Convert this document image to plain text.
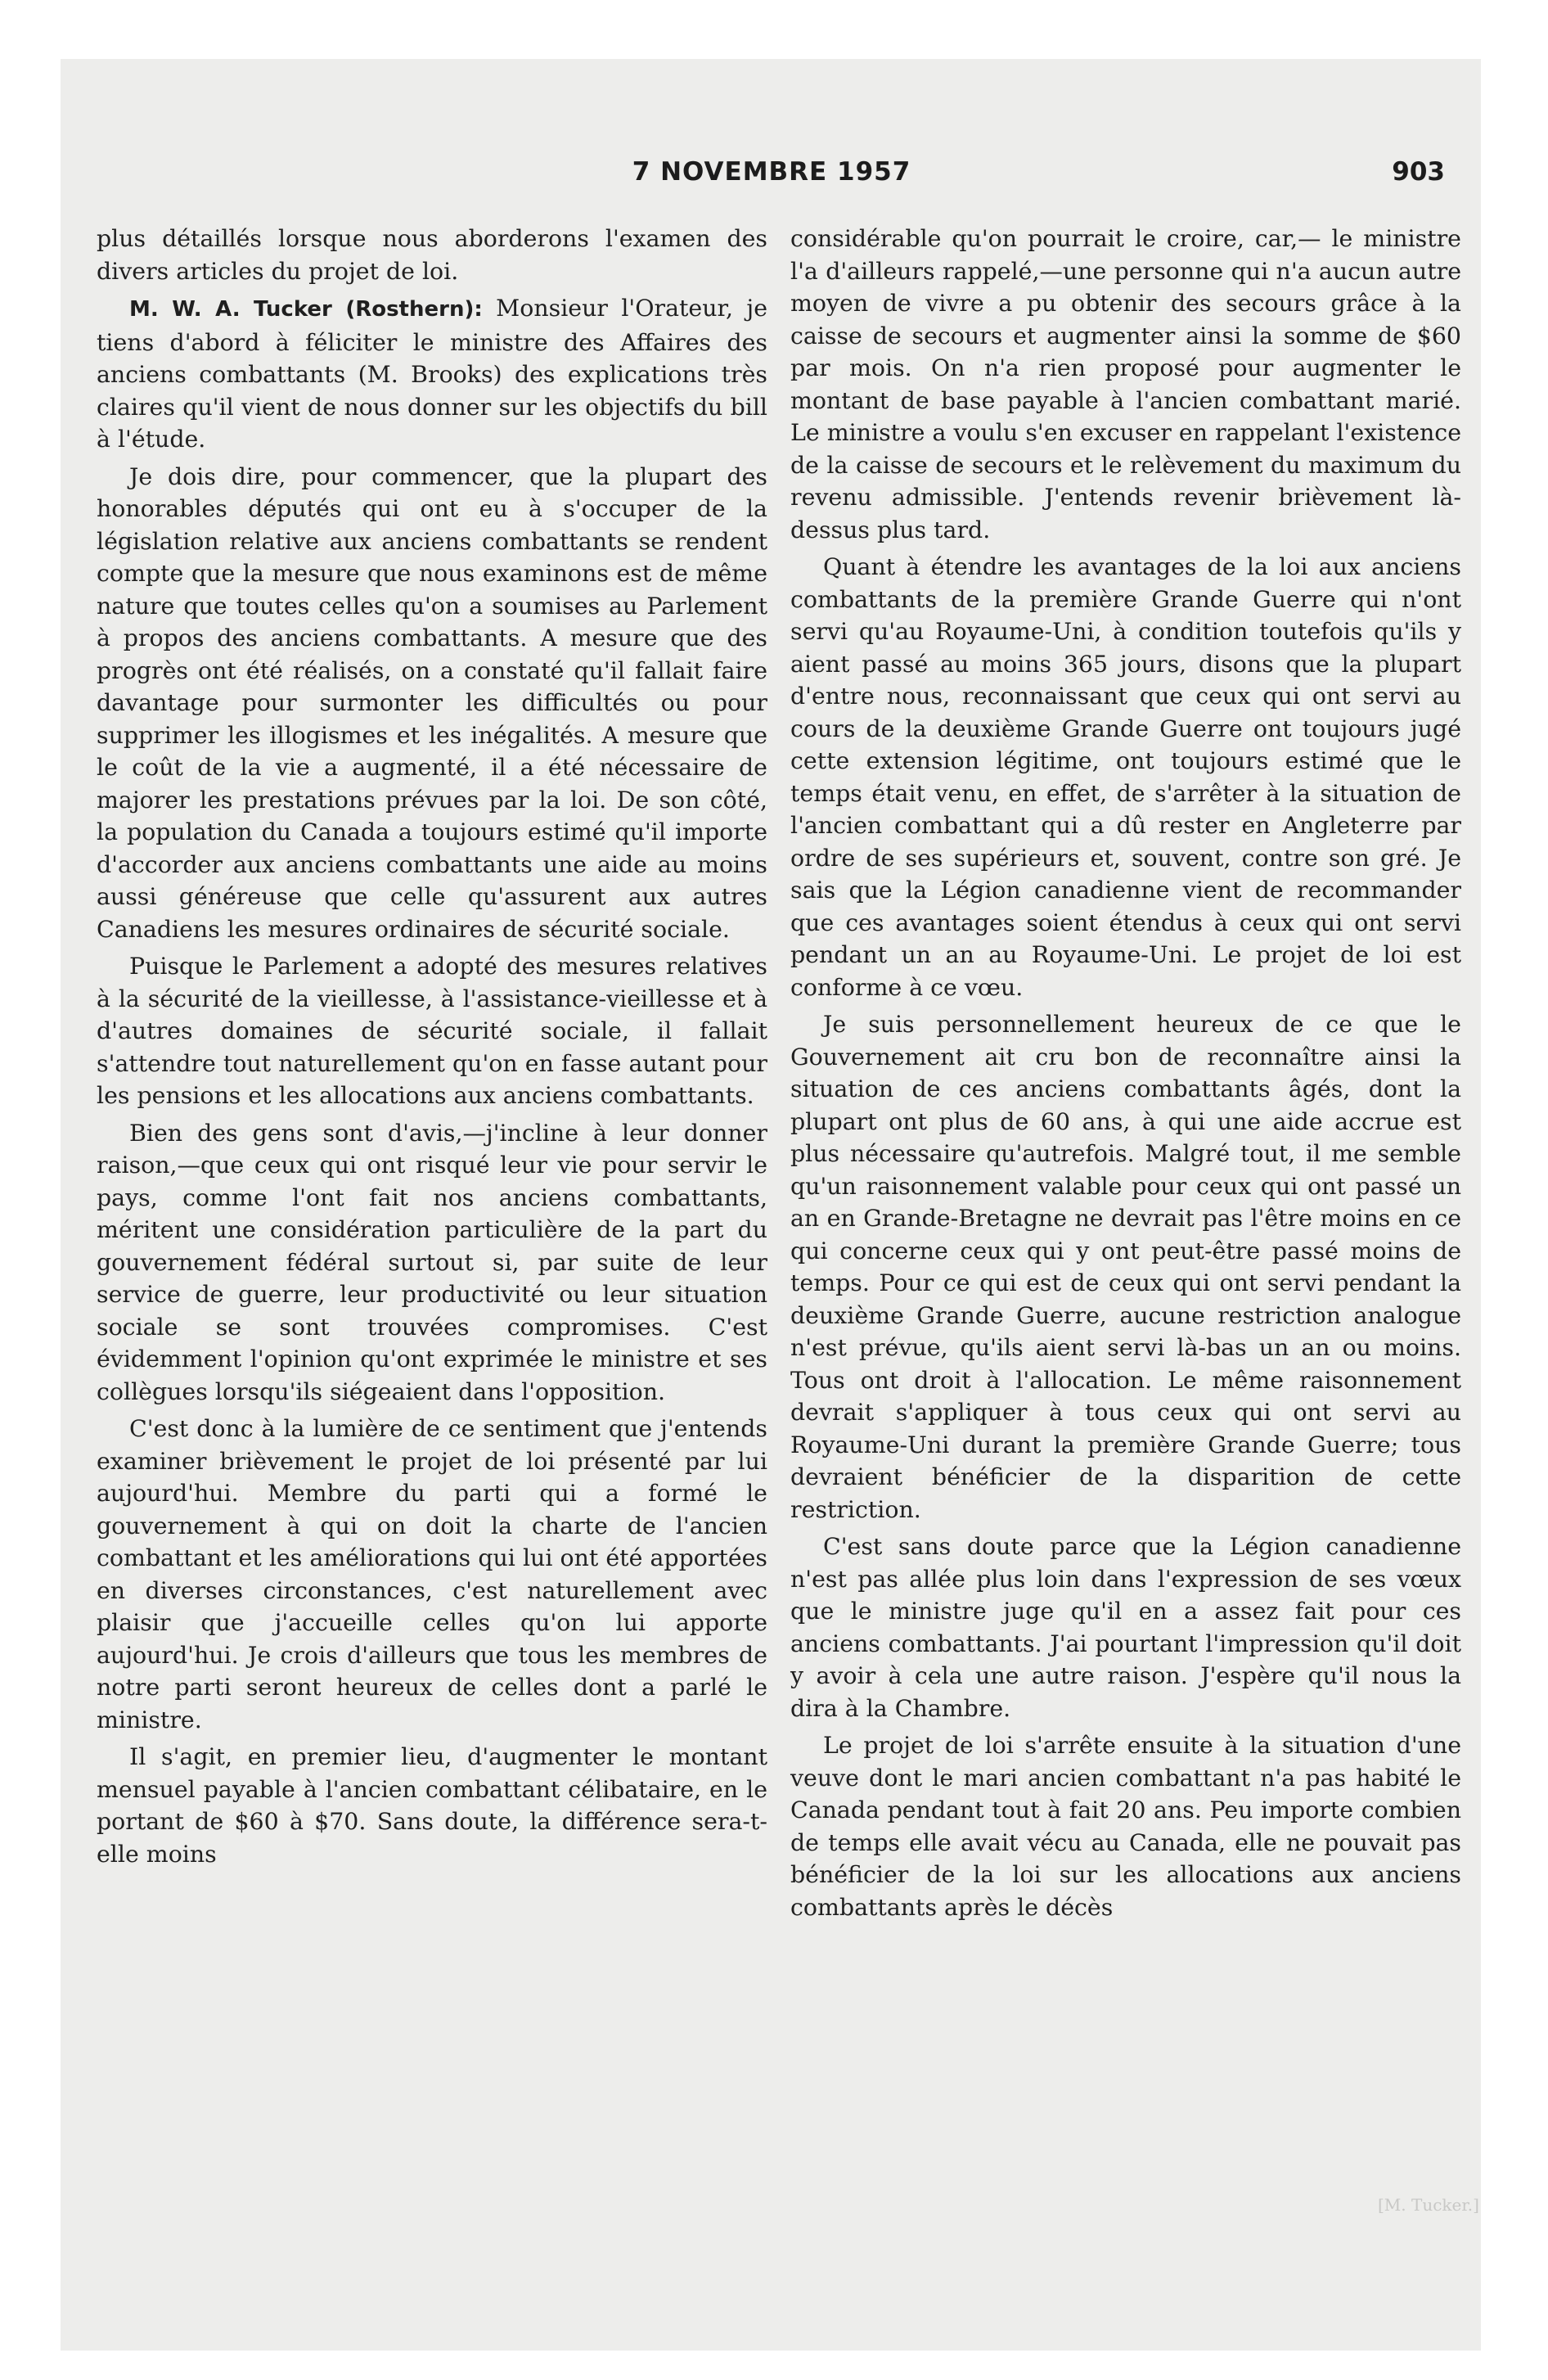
7 NOVEMBRE 1957	903

plus détaillés lorsque nous aborderons l'examen des divers articles du projet de loi.

M. W. A. Tucker (Rosthern): Monsieur l'Orateur, je tiens d'abord à féliciter le ministre des Affaires des anciens combattants (M. Brooks) des explications très claires qu'il vient de nous donner sur les objectifs du bill à l'étude.

Je dois dire, pour commencer, que la plupart des honorables députés qui ont eu à s'occuper de la législation relative aux anciens combattants se rendent compte que la mesure que nous examinons est de même nature que toutes celles qu'on a soumises au Parlement à propos des anciens combattants. A mesure que des progrès ont été réalisés, on a constaté qu'il fallait faire davantage pour surmonter les difficultés ou pour supprimer les illogismes et les inégalités. A mesure que le coût de la vie a augmenté, il a été nécessaire de majorer les prestations prévues par la loi. De son côté, la population du Canada a toujours estimé qu'il importe d'accorder aux anciens combattants une aide au moins aussi généreuse que celle qu'assurent aux autres Canadiens les mesures ordinaires de sécurité sociale.

Puisque le Parlement a adopté des mesures relatives à la sécurité de la vieillesse, à l'assistance-vieillesse et à d'autres domaines de sécurité sociale, il fallait s'attendre tout naturellement qu'on en fasse autant pour les pensions et les allocations aux anciens combattants.

Bien des gens sont d'avis,—j'incline à leur donner raison,—que ceux qui ont risqué leur vie pour servir le pays, comme l'ont fait nos anciens combattants, méritent une considération particulière de la part du gouvernement fédéral surtout si, par suite de leur service de guerre, leur productivité ou leur situation sociale se sont trouvées compromises. C'est évidemment l'opinion qu'ont exprimée le ministre et ses collègues lorsqu'ils siégeaient dans l'opposition.

C'est donc à la lumière de ce sentiment que j'entends examiner brièvement le projet de loi présenté par lui aujourd'hui. Membre du parti qui a formé le gouvernement à qui on doit la charte de l'ancien combattant et les améliorations qui lui ont été apportées en diverses circonstances, c'est naturellement avec plaisir que j'accueille celles qu'on lui apporte aujourd'hui. Je crois d'ailleurs que tous les membres de notre parti seront heureux de celles dont a parlé le ministre.

Il s'agit, en premier lieu, d'augmenter le montant mensuel payable à l'ancien combattant célibataire, en le portant de $60 à $70. Sans doute, la différence sera-t-elle moins

considérable qu'on pourrait le croire, car,— le ministre l'a d'ailleurs rappelé,—une personne qui n'a aucun autre moyen de vivre a pu obtenir des secours grâce à la caisse de secours et augmenter ainsi la somme de $60 par mois. On n'a rien proposé pour augmenter le montant de base payable à l'ancien combattant marié. Le ministre a voulu s'en excuser en rappelant l'existence de la caisse de secours et le relèvement du maximum du revenu admissible. J'entends revenir brièvement là-dessus plus tard.

Quant à étendre les avantages de la loi aux anciens combattants de la première Grande Guerre qui n'ont servi qu'au Royaume-Uni, à condition toutefois qu'ils y aient passé au moins 365 jours, disons que la plupart d'entre nous, reconnaissant que ceux qui ont servi au cours de la deuxième Grande Guerre ont toujours jugé cette extension légitime, ont toujours estimé que le temps était venu, en effet, de s'arrêter à la situation de l'ancien combattant qui a dû rester en Angleterre par ordre de ses supérieurs et, souvent, contre son gré. Je sais que la Légion canadienne vient de recommander que ces avantages soient étendus à ceux qui ont servi pendant un an au Royaume-Uni. Le projet de loi est conforme à ce vœu.

Je suis personnellement heureux de ce que le Gouvernement ait cru bon de reconnaître ainsi la situation de ces anciens combattants âgés, dont la plupart ont plus de 60 ans, à qui une aide accrue est plus nécessaire qu'autrefois. Malgré tout, il me semble qu'un raisonnement valable pour ceux qui ont passé un an en Grande-Bretagne ne devrait pas l'être moins en ce qui concerne ceux qui y ont peut-être passé moins de temps. Pour ce qui est de ceux qui ont servi pendant la deuxième Grande Guerre, aucune restriction analogue n'est prévue, qu'ils aient servi là-bas un an ou moins. Tous ont droit à l'allocation. Le même raisonnement devrait s'appliquer à tous ceux qui ont servi au Royaume-Uni durant la première Grande Guerre; tous devraient bénéficier de la disparition de cette restriction.

C'est sans doute parce que la Légion canadienne n'est pas allée plus loin dans l'expression de ses vœux que le ministre juge qu'il en a assez fait pour ces anciens combattants. J'ai pourtant l'impression qu'il doit y avoir à cela une autre raison. J'espère qu'il nous la dira à la Chambre.

Le projet de loi s'arrête ensuite à la situation d'une veuve dont le mari ancien combattant n'a pas habité le Canada pendant tout à fait 20 ans. Peu importe combien de temps elle avait vécu au Canada, elle ne pouvait pas bénéficier de la loi sur les allocations aux anciens combattants après le décès

[M. Tucker.]
